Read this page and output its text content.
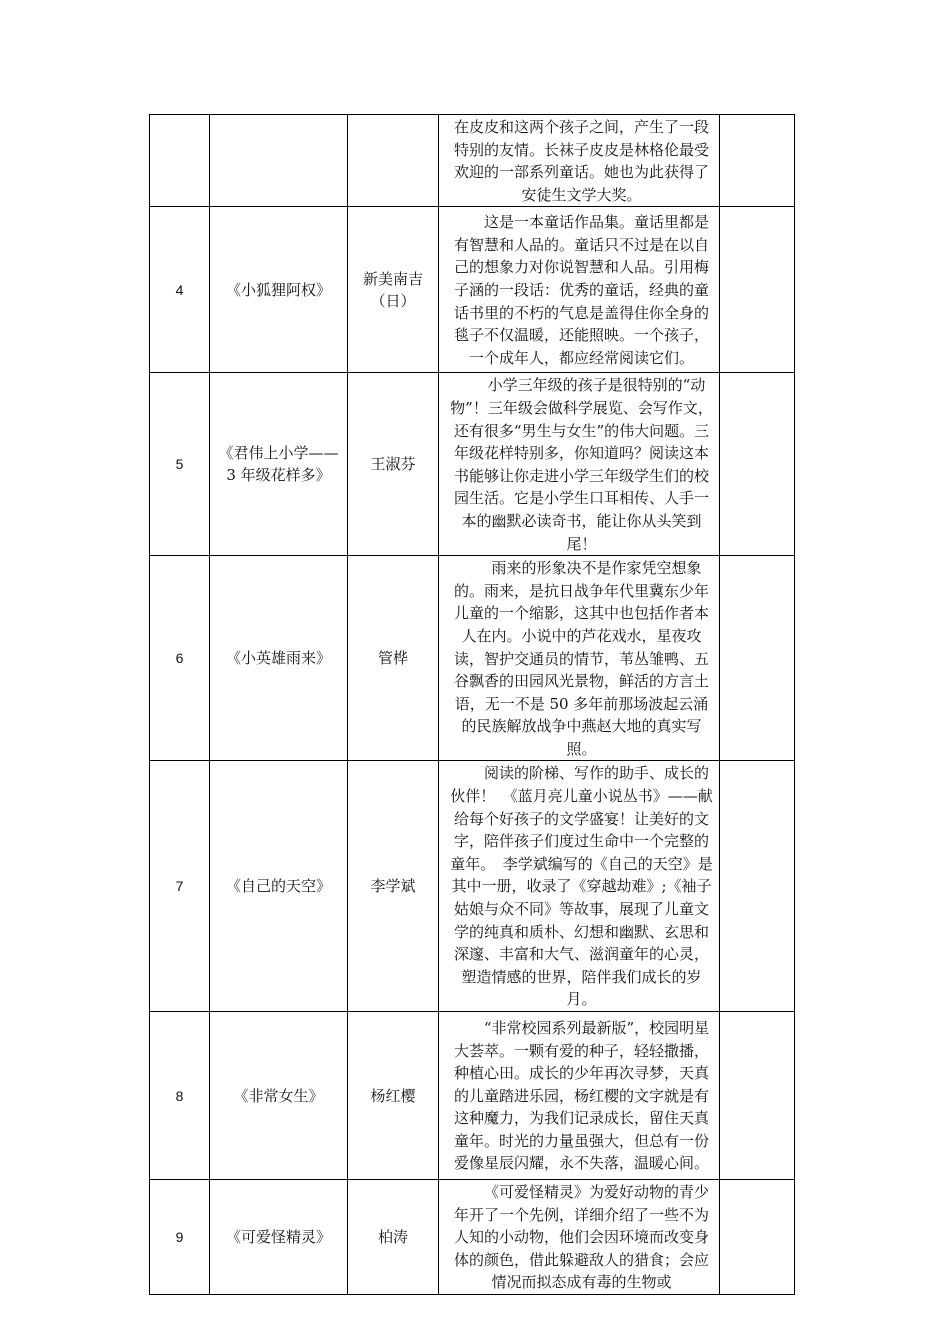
			在皮皮和这两个孩子之间，产生了一段特别的友情。长袜子皮皮是林格伦最受欢迎的一部系列童话。她也为此获得了安徒生文学大奖。	

4	《小狐狸阿权》	新美南吉（日）	这是一本童话作品集。童话里都是有智慧和人品的。童话只不过是在以自己的想象力对你说智慧和人品。引用梅子涵的一段话：优秀的童话，经典的童话书里的不朽的气息是盖得住你全身的毯子不仅温暖，还能照映。一个孩子，一个成年人，都应经常阅读它们。	

5	《君伟上小学——3 年级花样多》	王淑芬	小学三年级的孩子是很特别的“动物”！三年级会做科学展览、会写作文，还有很多“男生与女生”的伟大问题。三年级花样特别多，你知道吗？阅读这本书能够让你走进小学三年级学生们的校园生活。它是小学生口耳相传、人手一本的幽默必读奇书，能让你从头笑到尾！	

6	《小英雄雨来》	管桦	雨来的形象决不是作家凭空想象的。雨来，是抗日战争年代里冀东少年儿童的一个缩影，这其中也包括作者本人在内。小说中的芦花戏水，星夜攻读，智护交通员的情节，苇丛雏鸭、五谷飘香的田园风光景物，鲜活的方言土语，无一不是 50 多年前那场波起云涌的民族解放战争中燕赵大地的真实写照。	

7	《自己的天空》	李学斌	阅读的阶梯、写作的助手、成长的伙伴！　《蓝月亮儿童小说丛书》——献给每个好孩子的文学盛宴！让美好的文字，陪伴孩子们度过生命中一个完整的童年。　李学斌编写的《自己的天空》是其中一册，收录了《穿越劫难》;《袖子姑娘与众不同》等故事，展现了儿童文学的纯真和质朴、幻想和幽默、玄思和深邃、丰富和大气、滋润童年的心灵，塑造情感的世界，陪伴我们成长的岁月。	

8	《非常女生》	杨红樱	“非常校园系列最新版”，校园明星大荟萃。一颗有爱的种子，轻轻撒播，种植心田。成长的少年再次寻梦，天真的儿童踏进乐园，杨红樱的文字就是有这种魔力，为我们记录成长，留住天真童年。时光的力量虽强大，但总有一份爱像星辰闪耀，永不失落，温暖心间。	

9	《可爱怪精灵》	柏涛	《可爱怪精灵》为爱好动物的青少年开了一个先例，详细介绍了一些不为人知的小动物，他们会因环境而改变身体的颜色，借此躲避敌人的猎食；会应情况而拟态成有毒的生物或	
